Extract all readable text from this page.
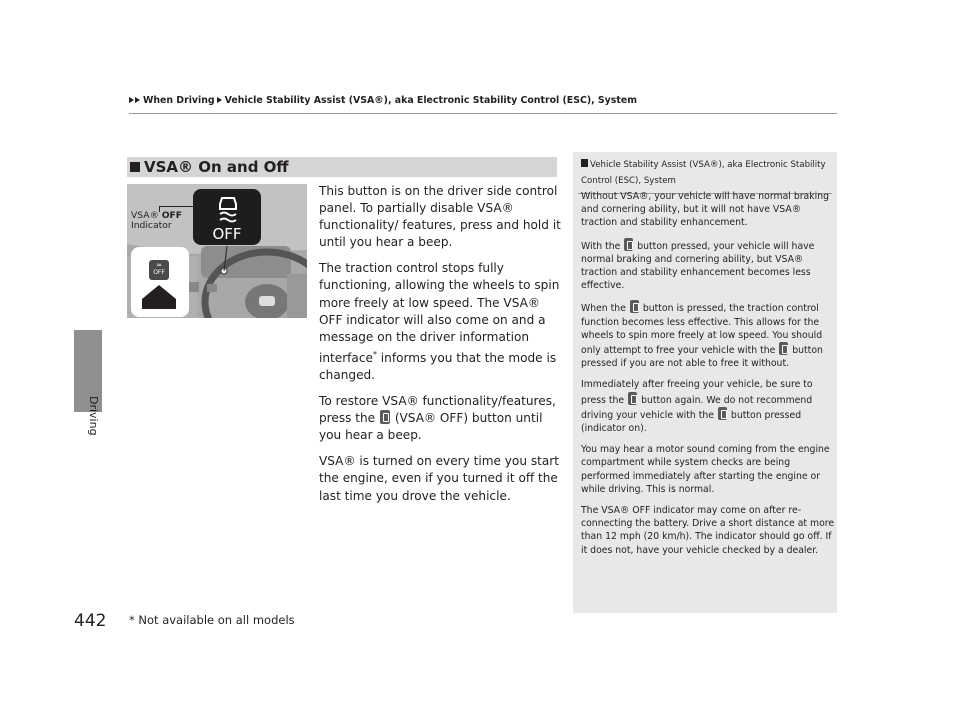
When Driving Vehicle Stability Assist (VSA®), aka Electronic Stability Control (ESC), System
Driving
VSA® On and Off
≈
OFF
OFF
VSA® OFF
Indicator

This button is on the driver side control panel. To partially disable VSA® functionality/ features, press and hold it until you hear a beep.

The traction control stops fully functioning, allowing the wheels to spin more freely at low speed. The VSA® OFF indicator will also come on and a message on the driver information interface* informs you that the mode is changed.

To restore VSA® functionality/features, press the  (VSA® OFF) button until you hear a beep.

VSA® is turned on every time you start the engine, even if you turned it off the last time you drove the vehicle.

Vehicle Stability Assist (VSA®), aka Electronic Stability Control (ESC), System

Without VSA®, your vehicle will have normal braking and cornering ability, but it will not have VSA® traction and stability enhancement.

With the  button pressed, your vehicle will have normal braking and cornering ability, but VSA® traction and stability enhancement becomes less effective.

When the  button is pressed, the traction control function becomes less effective. This allows for the wheels to spin more freely at low speed. You should only attempt to free your vehicle with the  button pressed if you are not able to free it without.

Immediately after freeing your vehicle, be sure to press the  button again. We do not recommend driving your vehicle with the  button pressed (indicator on).

You may hear a motor sound coming from the engine compartment while system checks are being performed immediately after starting the engine or while driving. This is normal.

The VSA® OFF indicator may come on after re-connecting the battery. Drive a short distance at more than 12 mph (20 km/h). The indicator should go off. If it does not, have your vehicle checked by a dealer.

442 * Not available on all models
